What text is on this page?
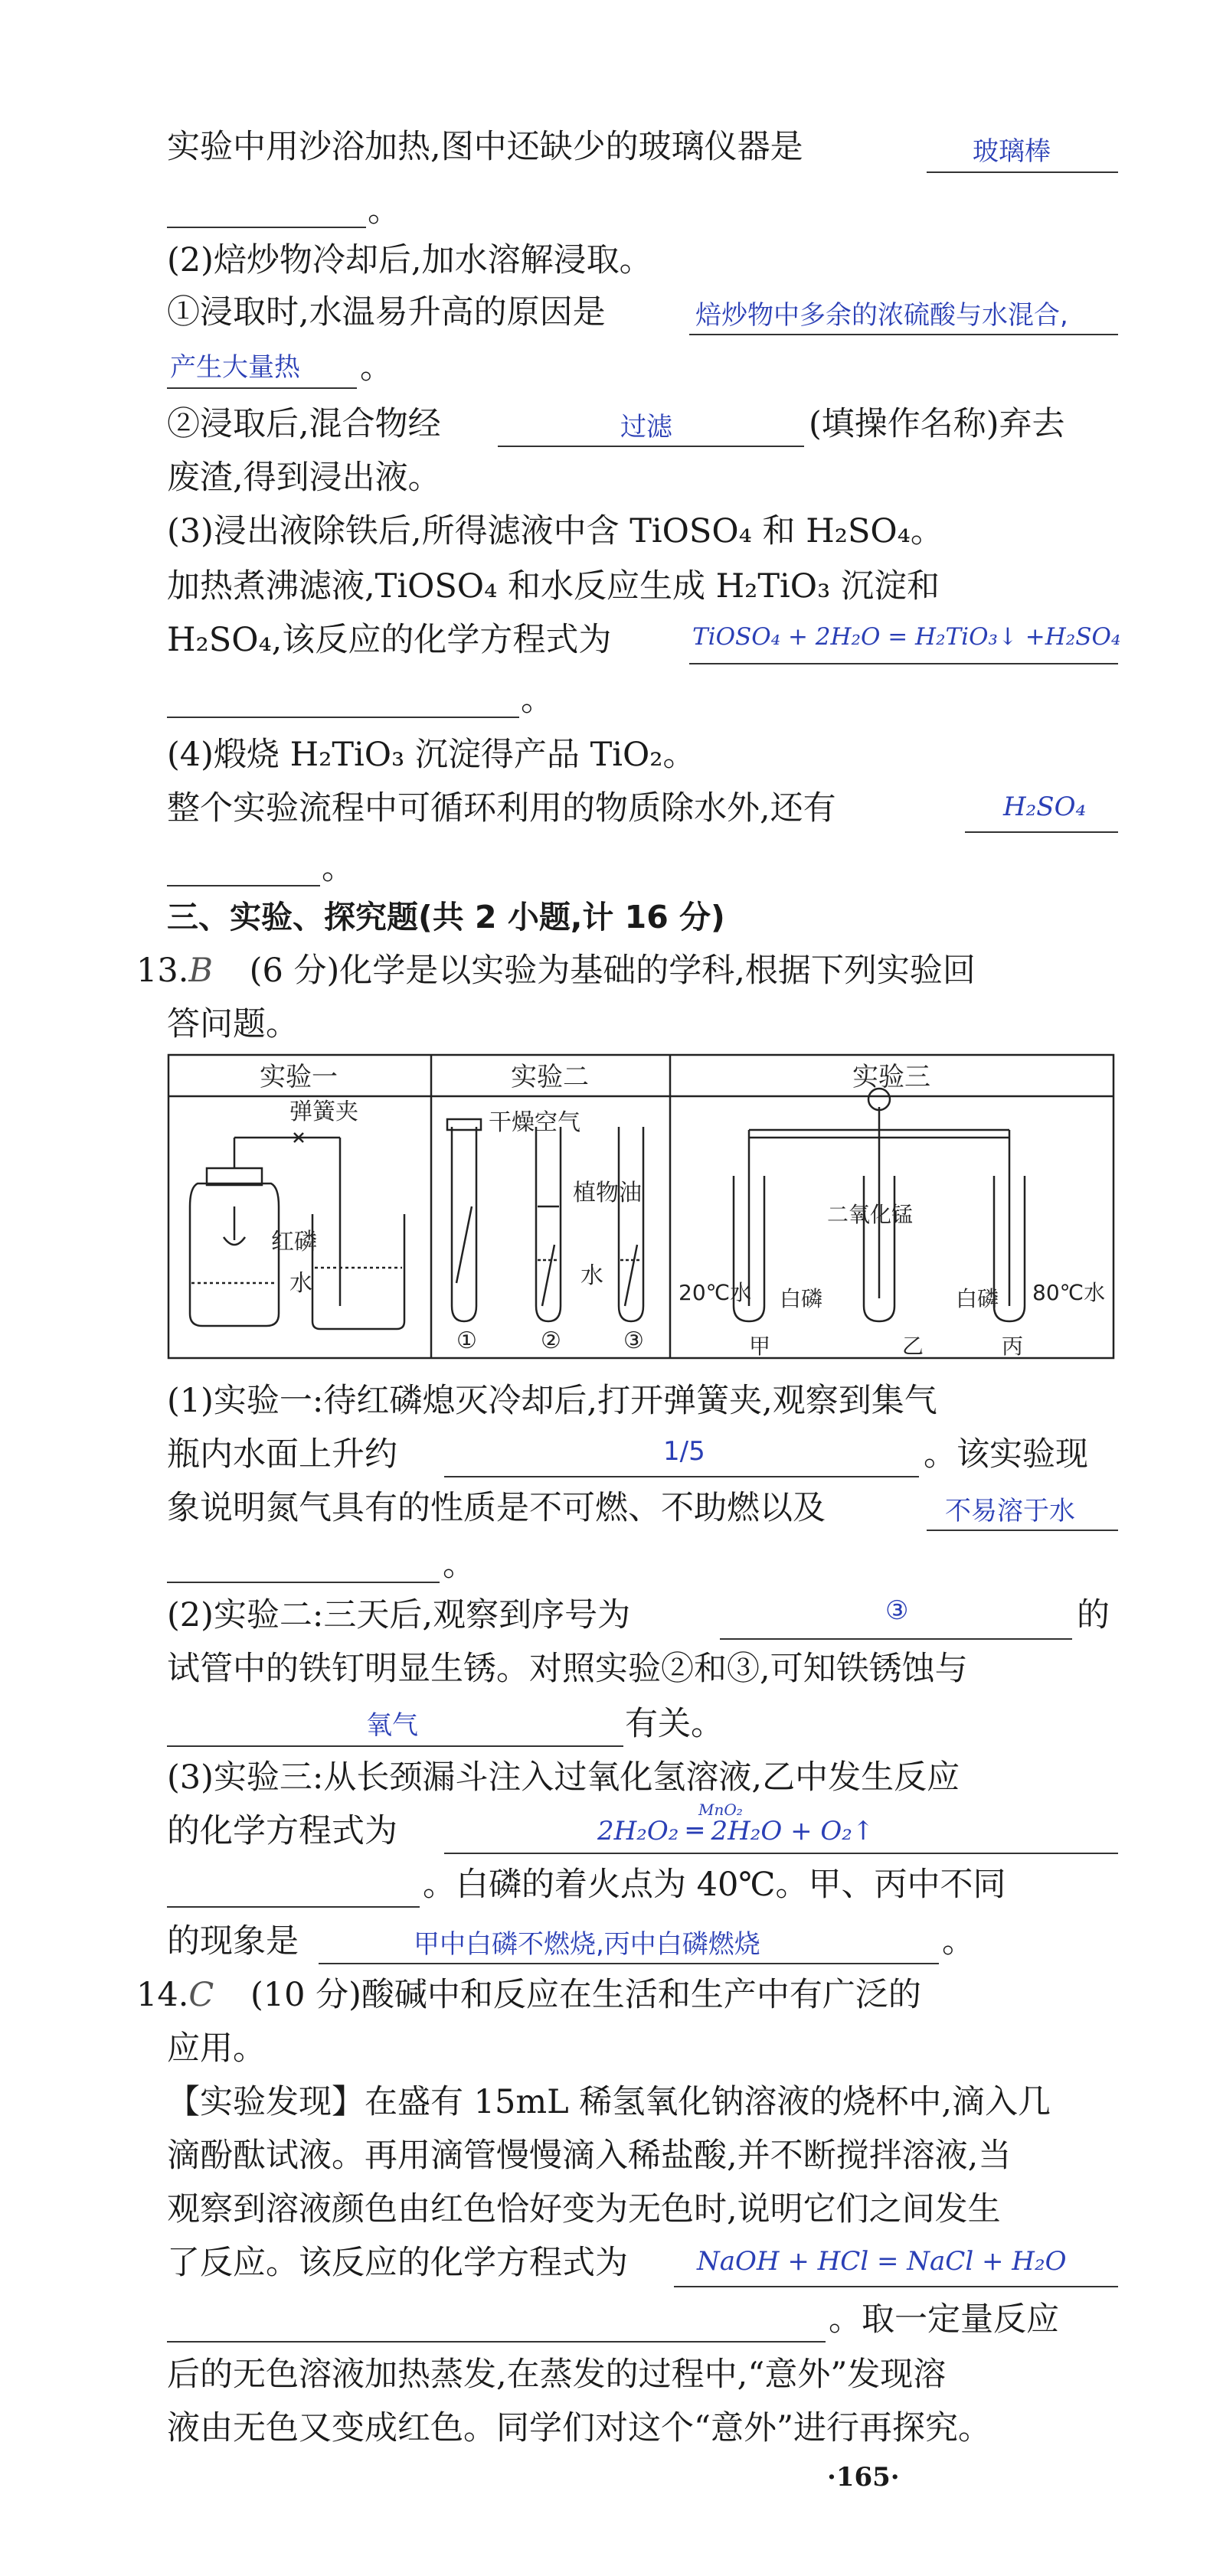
实验中用沙浴加热,图中还缺少的玻璃仪器是	玻璃棒
。
(2)焙炒物冷却后,加水溶解浸取。
①浸取时,水温易升高的原因是	焙炒物中多余的浓硫酸与水混合,
产生大量热 。
②浸取后,混合物经	过滤	(填操作名称)弃去
废渣,得到浸出液。
(3)浸出液除铁后,所得滤液中含 TiOSO₄ 和 H₂SO₄。
加热煮沸滤液,TiOSO₄ 和水反应生成 H₂TiO₃ 沉淀和
H₂SO₄,该反应的化学方程式为	TiOSO₄ + 2H₂O = H₂TiO₃↓ +H₂SO₄
。
(4)煅烧 H₂TiO₃ 沉淀得产品 TiO₂。
整个实验流程中可循环利用的物质除水外,还有	H₂SO₄
。
三、实验、探究题(共 2 小题,计 16 分)
13.B (6 分)化学是以实验为基础的学科,根据下列实验回
答问题。
实验一	实验二	实验三
弹簧夹
红磷
水
干燥空气
植物油
水
①	②	③
20℃水 白磷
二氧化锰
白磷 80℃水
甲	乙	丙
(1)实验一:待红磷熄灭冷却后,打开弹簧夹,观察到集气
瓶内水面上升约	1/5	。该实验现
象说明氮气具有的性质是不可燃、不助燃以及	不易溶于水
。
(2)实验二:三天后,观察到序号为	③	的
试管中的铁钉明显生锈。对照实验②和③,可知铁锈蚀与
氧气	有关。
(3)实验三:从长颈漏斗注入过氧化氢溶液,乙中发生反应
的化学方程式为	2H₂O₂ ═ 2H₂O + O₂↑
MnO₂
。白磷的着火点为 40℃。甲、丙中不同
的现象是	甲中白磷不燃烧,丙中白磷燃烧	。
14.C (10 分)酸碱中和反应在生活和生产中有广泛的
应用。
【实验发现】在盛有 15mL 稀氢氧化钠溶液的烧杯中,滴入几
滴酚酞试液。再用滴管慢慢滴入稀盐酸,并不断搅拌溶液,当
观察到溶液颜色由红色恰好变为无色时,说明它们之间发生
了反应。该反应的化学方程式为	NaOH + HCl = NaCl + H₂O
。取一定量反应
后的无色溶液加热蒸发,在蒸发的过程中,“意外”发现溶
液由无色又变成红色。同学们对这个“意外”进行再探究。
·165·
